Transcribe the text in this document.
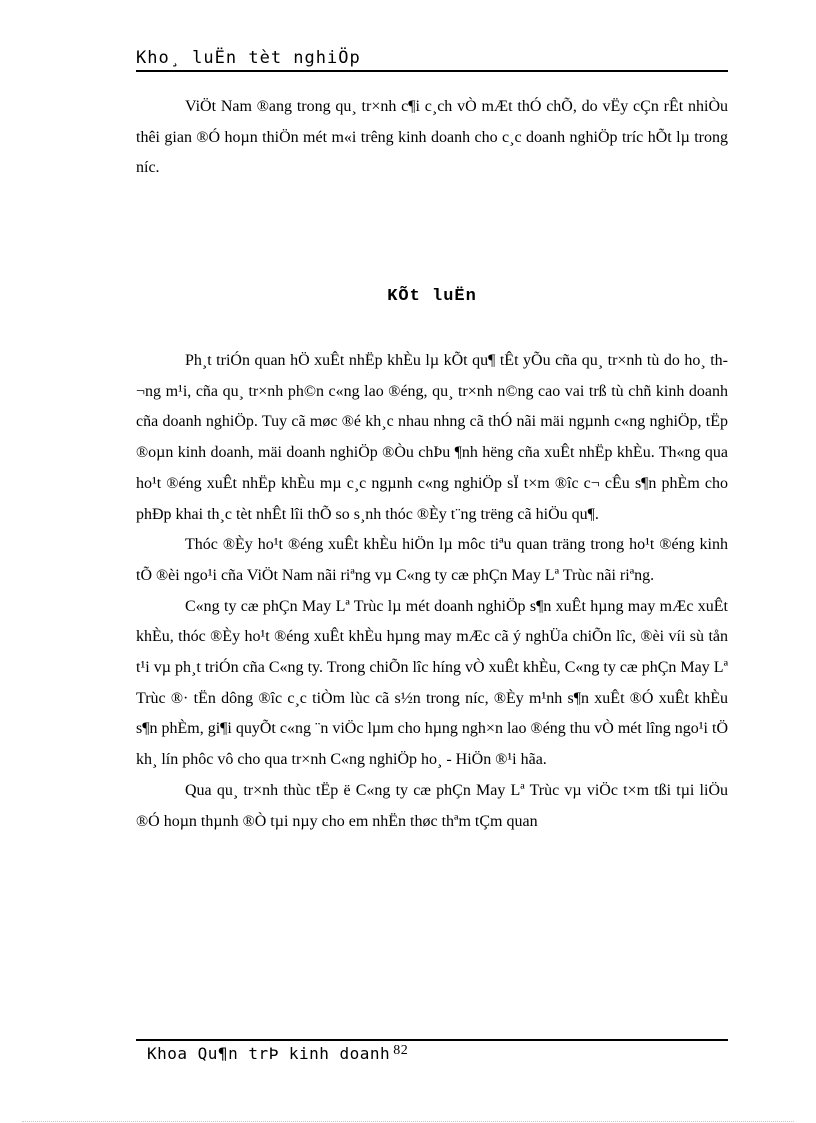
Kho¸ luËn tèt nghiÖp

ViÖt Nam ®ang trong qu¸ tr×nh c¶i c¸ch vÒ mÆt thÓ chÕ, do vËy cÇn rÊt nhiÒu thêi gian ®Ó hoµn thiÖn mét m«i trêng kinh doanh cho c¸c doanh nghiÖp tríc hÕt lµ trong níc.

KÕt luËn

Ph¸t triÓn quan hÖ xuÊt nhËp khÈu lµ kÕt qu¶ tÊt yÕu cña qu¸ tr×nh tù do ho¸ th¬ng m¹i, cña qu¸ tr×nh ph©n c«ng lao ®éng, qu¸ tr×nh n©ng cao vai trß tù chñ kinh doanh cña doanh nghiÖp. Tuy cã møc ®é kh¸c nhau nhng cã thÓ nãi mäi ngµnh c«ng nghiÖp, tËp ®oµn kinh doanh, mäi doanh nghiÖp ®Òu chÞu ¶nh hëng cña xuÊt nhËp khÈu. Th«ng qua ho¹t ®éng xuÊt nhËp khÈu mµ c¸c ngµnh c«ng nghiÖp sÏ t×m ®îc c¬ cÊu s¶n phÈm cho phÐp khai th¸c tèt nhÊt lîi thÕ so s¸nh thóc ®Èy t¨ng trëng cã hiÖu qu¶.

Thóc ®Èy ho¹t ®éng xuÊt khÈu hiÖn lµ môc tiªu quan träng trong ho¹t ®éng kinh tÕ ®èi ngo¹i cña ViÖt Nam nãi riªng vµ C«ng ty cæ phÇn May Lª Trùc nãi riªng.

C«ng ty cæ phÇn May Lª Trùc lµ mét doanh nghiÖp s¶n xuÊt hµng may mÆc xuÊt khÈu, thóc ®Èy ho¹t ®éng xuÊt khÈu hµng may mÆc cã ý nghÜa chiÕn lîc, ®èi víi sù tån t¹i vµ ph¸t triÓn cña C«ng ty. Trong chiÕn lîc híng vÒ xuÊt khÈu, C«ng ty cæ phÇn May Lª Trùc ®· tËn dông ®îc c¸c tiÒm lùc cã s½n trong níc, ®Èy m¹nh s¶n xuÊt ®Ó xuÊt khÈu s¶n phÈm, gi¶i quyÕt c«ng ¨n viÖc lµm cho hµng ngh×n lao ®éng thu vÒ mét lîng ngo¹i tÖ kh¸ lín phôc vô cho qua tr×nh C«ng nghiÖp ho¸ - HiÖn ®¹i hãa.

Qua qu¸ tr×nh thùc tËp ë C«ng ty cæ phÇn May Lª Trùc vµ viÖc t×m tßi tµi liÖu ®Ó hoµn thµnh ®Ò tµi nµy cho em nhËn thøc thªm tÇm quan

Khoa Qu¶n trÞ kinh doanh 82
